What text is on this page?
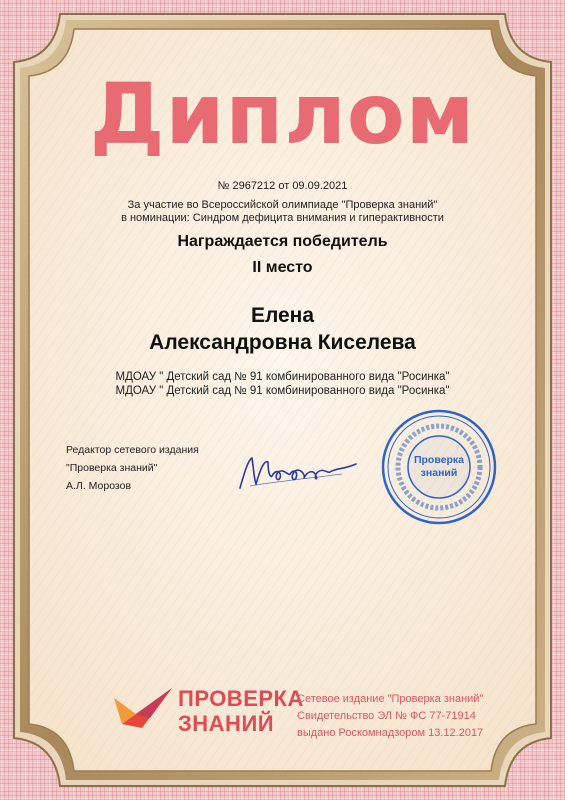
Диплом
№ 2967212 от 09.09.2021
За участие во Всероссийской олимпиаде "Проверка знаний"
в номинации: Синдром дефицита внимания и гиперактивности
Награждается победитель
II место
Елена
Александровна Киселева
МДОАУ " Детский сад № 91 комбинированного вида "Росинка"
МДОАУ " Детский сад № 91 комбинированного вида "Росинка"
Редактор сетевого издания
"Проверка знаний"
А.Л. Морозов
Проверка
знаний
ПРОВЕРКА
ЗНАНИЙ
Сетевое издание "Проверка знаний"
Свидетельство ЭЛ № ФС 77-71914
выдано Роскомнадзором 13.12.2017
